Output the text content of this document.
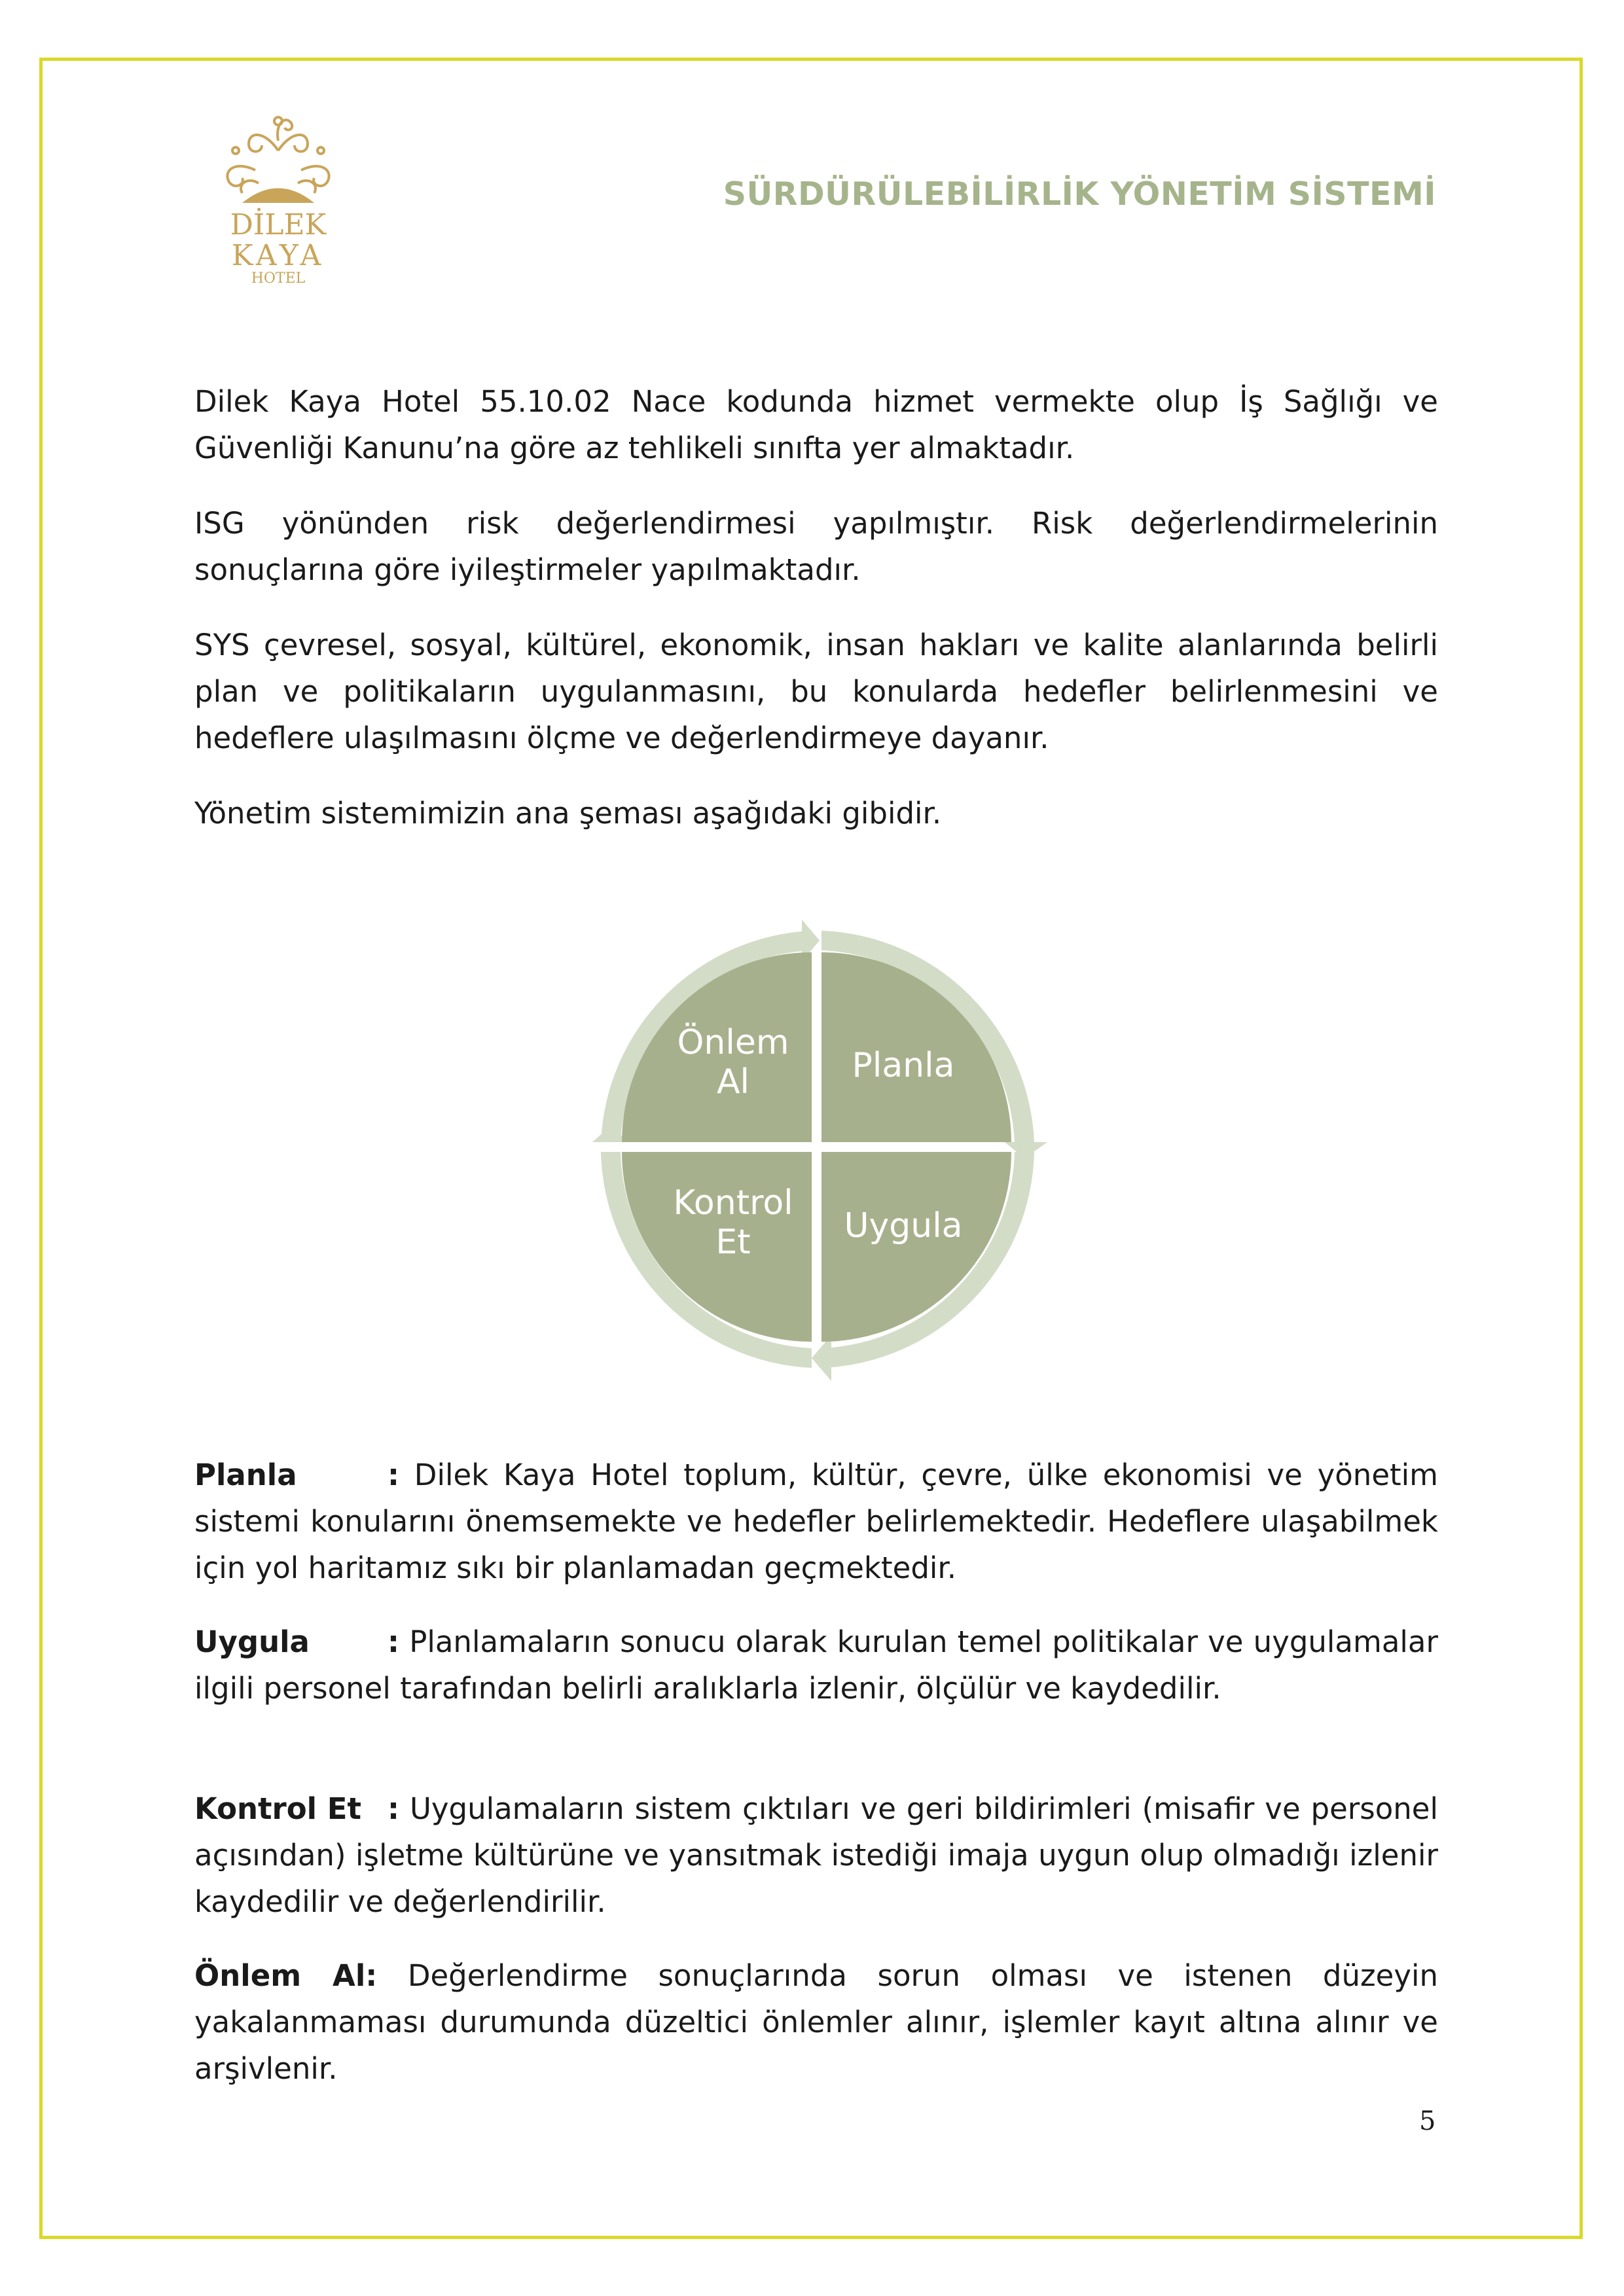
DİLEK
KAYA
HOTEL
SÜRDÜRÜLEBİLİRLİK YÖNETİM SİSTEMİ

Dilek Kaya Hotel 55.10.02 Nace kodunda hizmet vermekte olup İş Sağlığı ve Güvenliği Kanunu’na göre az tehlikeli sınıfta yer almaktadır.

ISG yönünden risk değerlendirmesi yapılmıştır. Risk değerlendirmelerinin sonuçlarına göre iyileştirmeler yapılmaktadır.

SYS çevresel, sosyal, kültürel, ekonomik, insan hakları ve kalite alanlarında belirli plan ve politikaların uygulanmasını, bu konularda hedefler belirlenmesini ve hedeflere ulaşılmasını ölçme ve değerlendirmeye dayanır.

Yönetim sistemimizin ana şeması aşağıdaki gibidir.

Önlem
Al	Planla
Kontrol
Et	Uygula

Planla	: Dilek Kaya Hotel toplum, kültür, çevre, ülke ekonomisi ve yönetim sistemi konularını önemsemekte ve hedefler belirlemektedir. Hedeflere ulaşabilmek için yol haritamız sıkı bir planlamadan geçmektedir.

Uygula	: Planlamaların sonucu olarak kurulan temel politikalar ve uygulamalar ilgili personel tarafından belirli aralıklarla izlenir, ölçülür ve kaydedilir.

Kontrol Et : Uygulamaların sistem çıktıları ve geri bildirimleri (misafir ve personel açısından) işletme kültürüne ve yansıtmak istediği imaja uygun olup olmadığı izlenir kaydedilir ve değerlendirilir.

Önlem Al: Değerlendirme sonuçlarında sorun olması ve istenen düzeyin yakalanmaması durumunda düzeltici önlemler alınır, işlemler kayıt altına alınır ve arşivlenir.

5
